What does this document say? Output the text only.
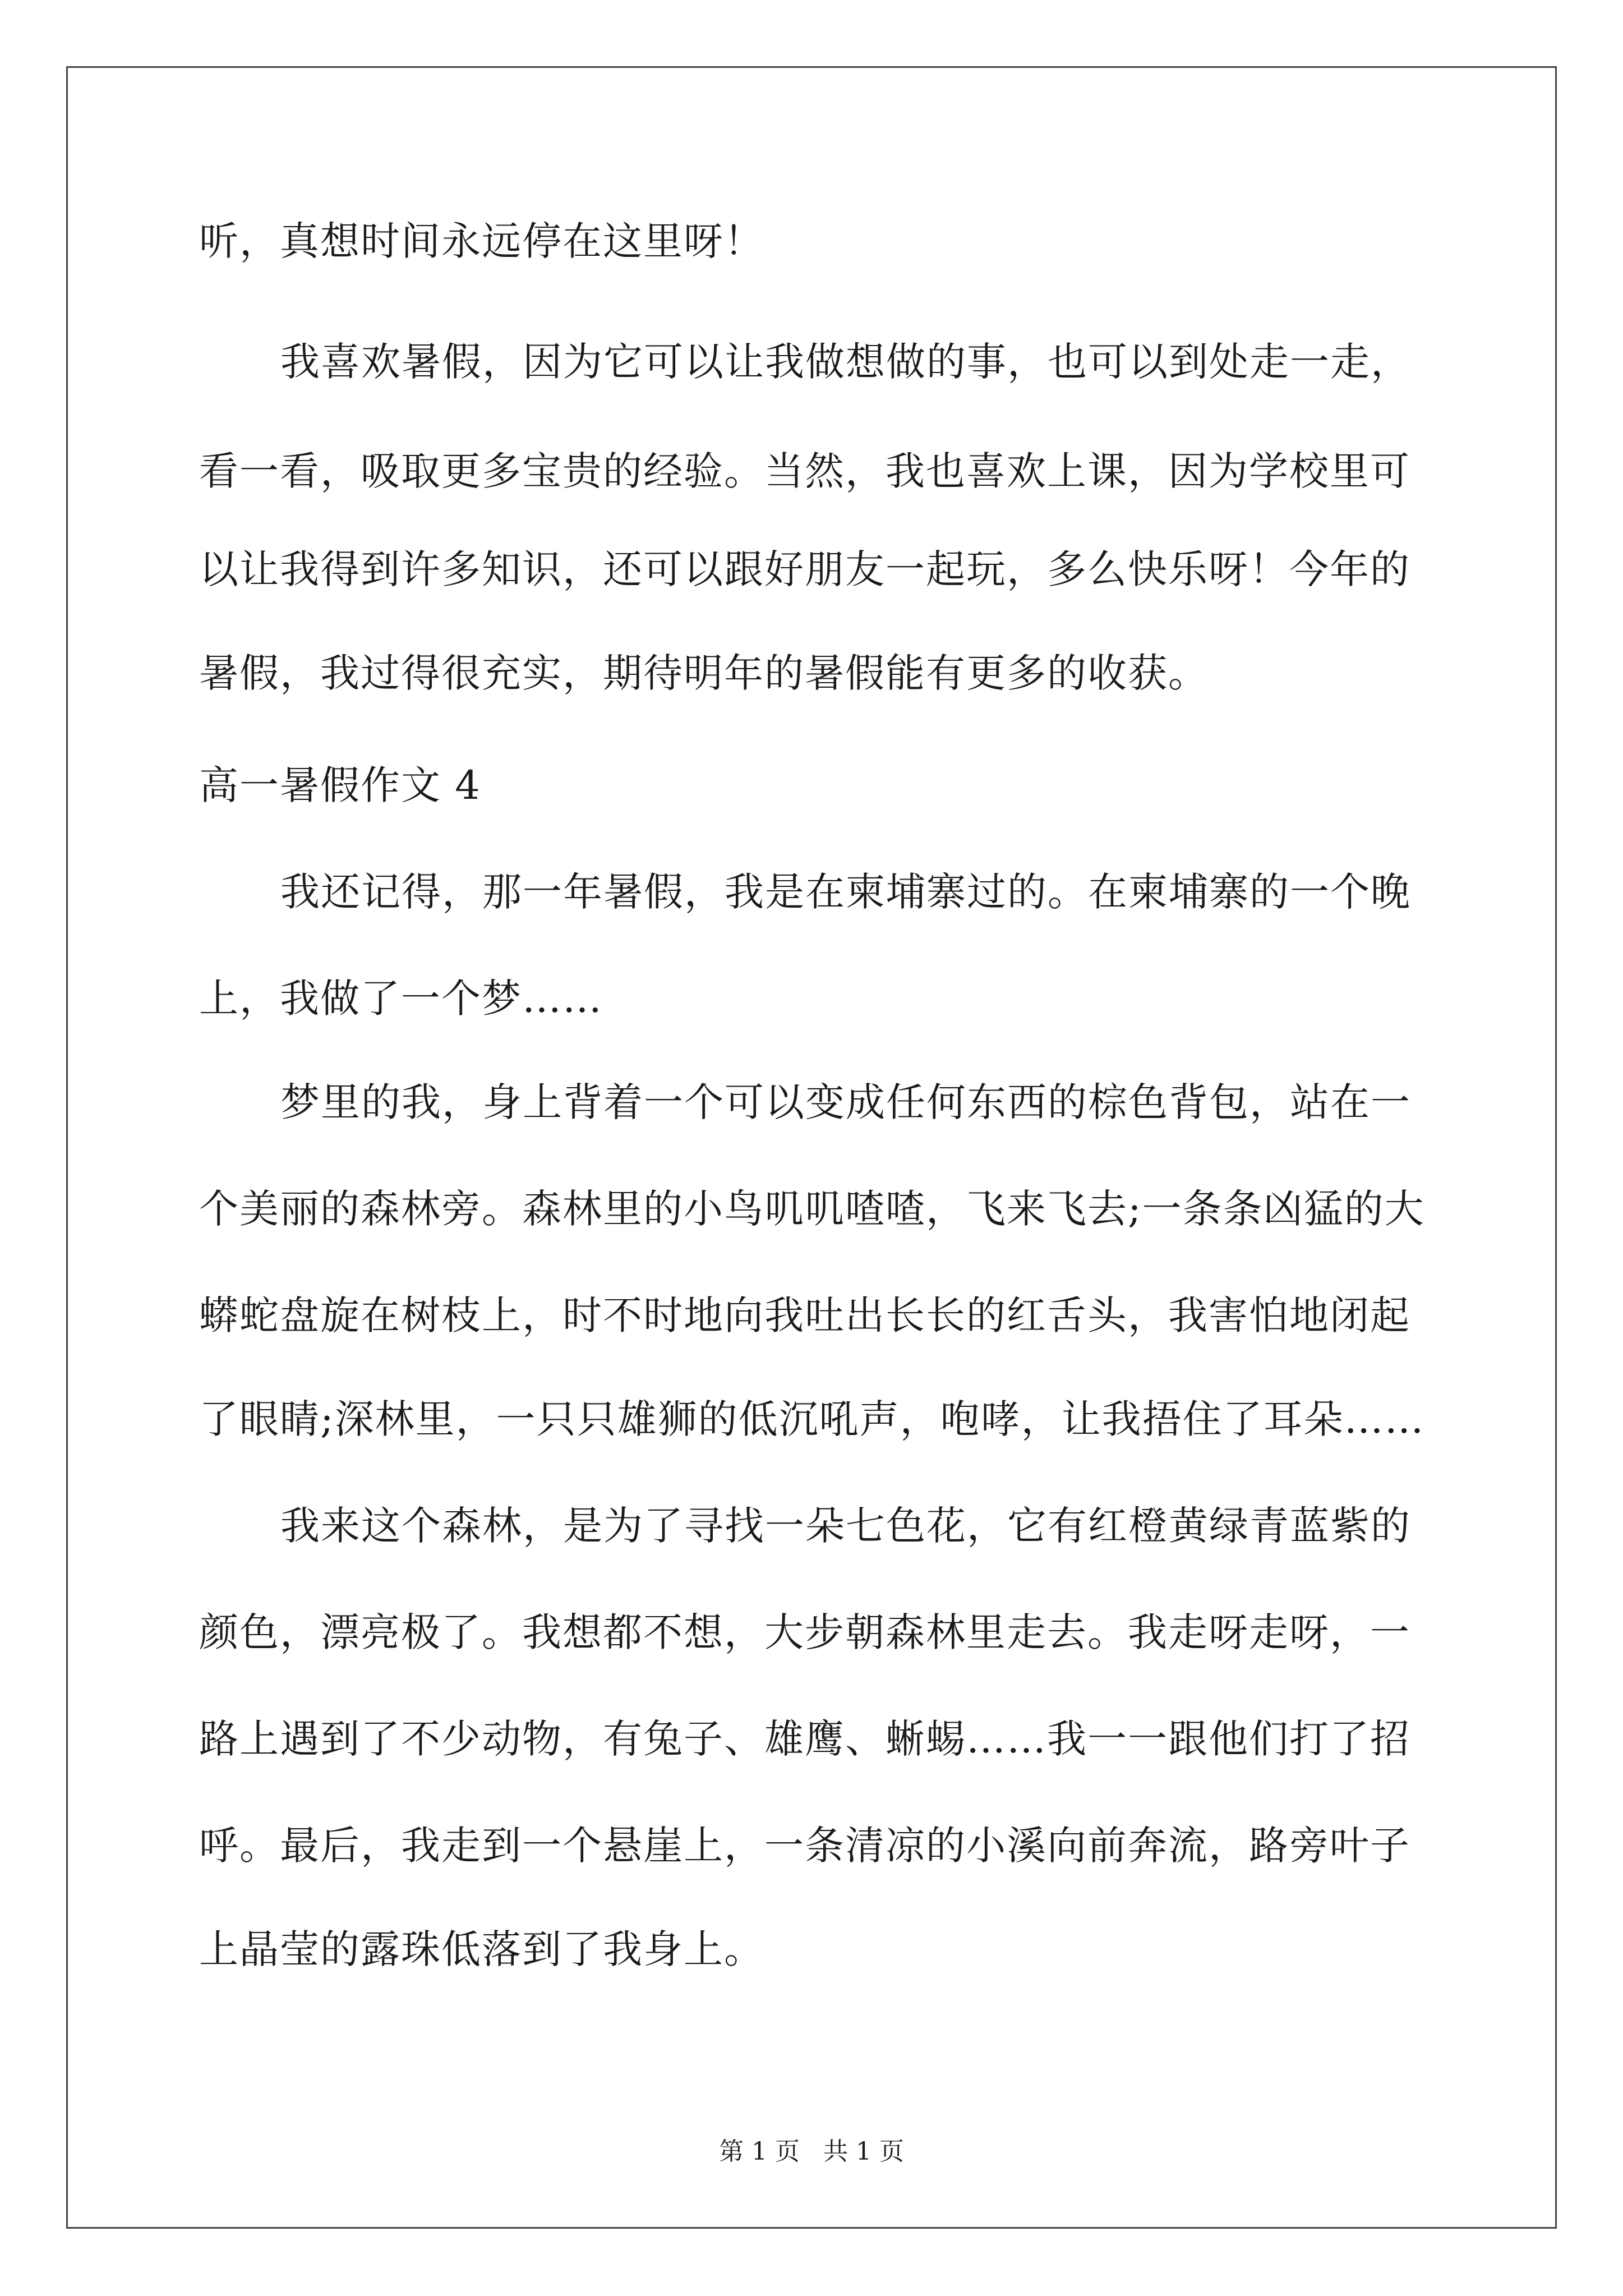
听，真想时间永远停在这里呀！
我喜欢暑假，因为它可以让我做想做的事，也可以到处走一走，
看一看，吸取更多宝贵的经验。当然，我也喜欢上课，因为学校里可
以让我得到许多知识，还可以跟好朋友一起玩，多么快乐呀！今年的
暑假，我过得很充实，期待明年的暑假能有更多的收获。
高一暑假作文 4
我还记得，那一年暑假，我是在柬埔寨过的。在柬埔寨的一个晚
上，我做了一个梦……
梦里的我，身上背着一个可以变成任何东西的棕色背包，站在一
个美丽的森林旁。森林里的小鸟叽叽喳喳，飞来飞去;一条条凶猛的大
蟒蛇盘旋在树枝上，时不时地向我吐出长长的红舌头，我害怕地闭起
了眼睛;深林里，一只只雄狮的低沉吼声，咆哮，让我捂住了耳朵……
我来这个森林，是为了寻找一朵七色花，它有红橙黄绿青蓝紫的
颜色，漂亮极了。我想都不想，大步朝森林里走去。我走呀走呀，一
路上遇到了不少动物，有兔子、雄鹰、蜥蜴……我一一跟他们打了招
呼。最后，我走到一个悬崖上，一条清凉的小溪向前奔流，路旁叶子
上晶莹的露珠低落到了我身上。
第 1 页   共 1 页
